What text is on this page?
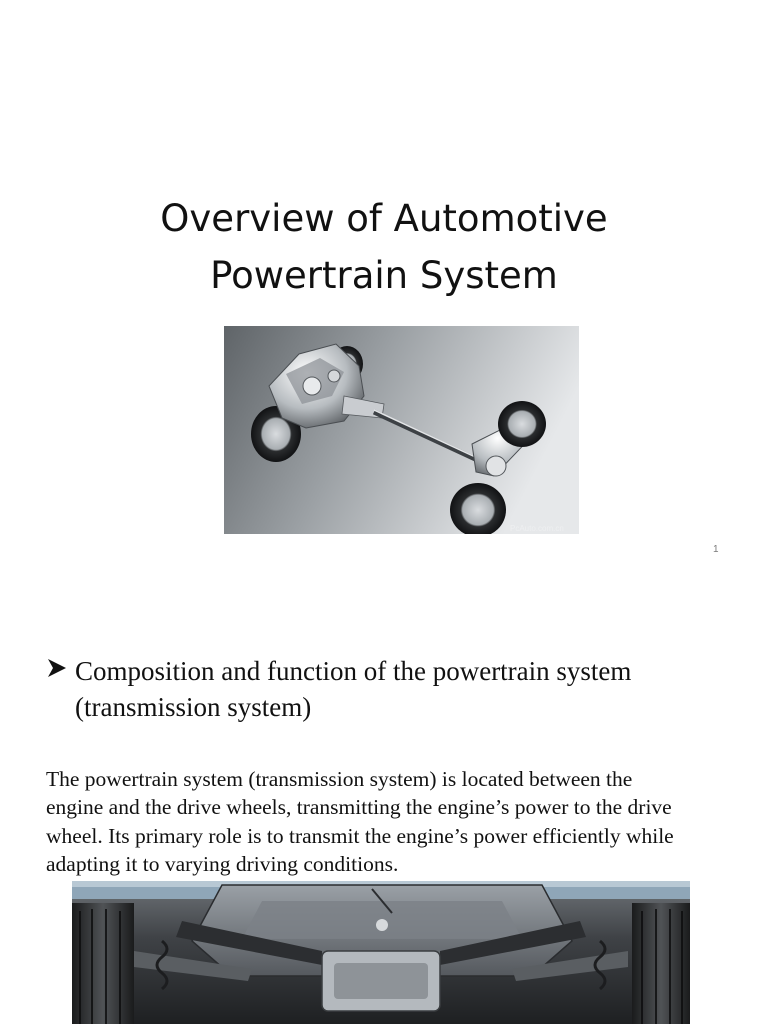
Overview of Automotive
Powertrain System
PcAuto.com.cn
1

Composition and function of the powertrain system
(transmission system)

The powertrain system (transmission system) is located between the
engine and the drive wheels, transmitting the engine’s power to the drive
wheel. Its primary role is to transmit the engine’s power efficiently while
adapting it to varying driving conditions.
